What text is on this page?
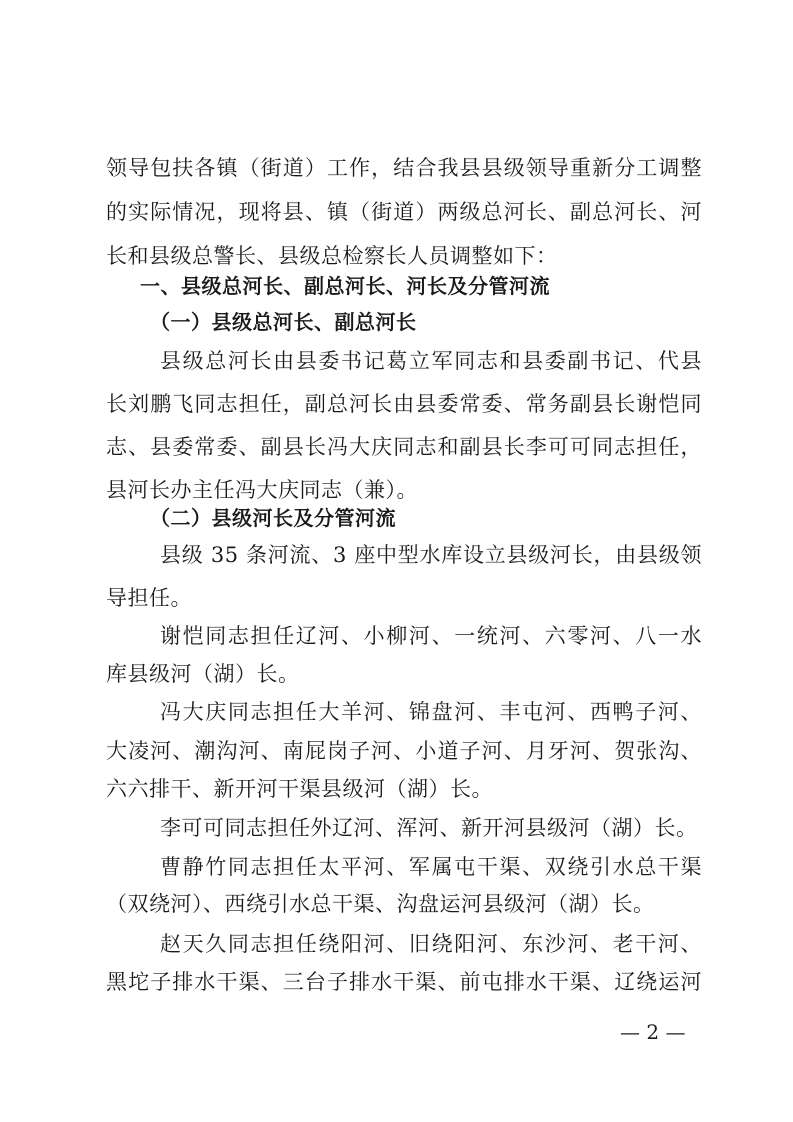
领导包扶各镇（街道）工作，结合我县县级领导重新分工调整
的实际情况，现将县、镇（街道）两级总河长、副总河长、河
长和县级总警长、县级总检察长人员调整如下：
一、县级总河长、副总河长、河长及分管河流
（一）县级总河长、副总河长
县级总河长由县委书记葛立军同志和县委副书记、代县
长刘鹏飞同志担任，副总河长由县委常委、常务副县长谢恺同
志、县委常委、副县长冯大庆同志和副县长李可可同志担任，
县河长办主任冯大庆同志（兼）。
（二）县级河长及分管河流
县级 35 条河流、3 座中型水库设立县级河长，由县级领
导担任。
谢恺同志担任辽河、小柳河、一统河、六零河、八一水
库县级河（湖）长。
冯大庆同志担任大羊河、锦盘河、丰屯河、西鸭子河、
大凌河、潮沟河、南屁岗子河、小道子河、月牙河、贺张沟、
六六排干、新开河干渠县级河（湖）长。
李可可同志担任外辽河、浑河、新开河县级河（湖）长。
曹静竹同志担任太平河、军属屯干渠、双绕引水总干渠
（双绕河）、西绕引水总干渠、沟盘运河县级河（湖）长。
赵天久同志担任绕阳河、旧绕阳河、东沙河、老干河、
黑坨子排水干渠、三台子排水干渠、前屯排水干渠、辽绕运河
— 2 —
